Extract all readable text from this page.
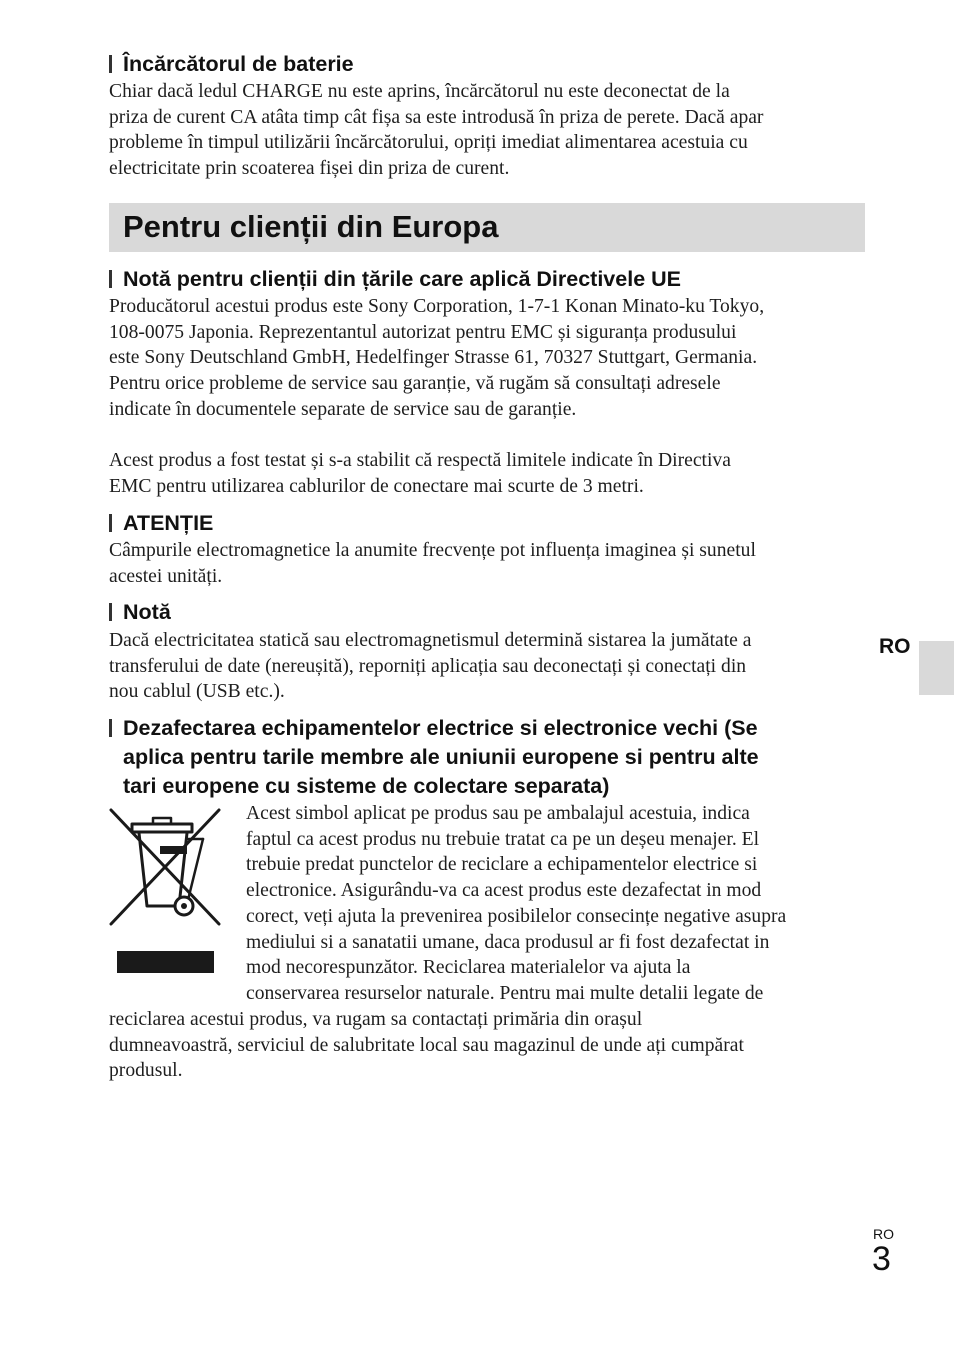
Încărcătorul de baterie
Chiar dacă ledul CHARGE nu este aprins, încărcătorul nu este deconectat de la
priza de curent CA atâta timp cât fișa sa este introdusă în priza de perete. Dacă apar
probleme în timpul utilizării încărcătorului, opriți imediat alimentarea acestuia cu
electricitate prin scoaterea fișei din priza de curent.
Pentru clienții din Europa
Notă pentru clienții din țările care aplică Directivele UE
Producătorul acestui produs este Sony Corporation, 1-7-1 Konan Minato-ku Tokyo,
108-0075 Japonia. Reprezentantul autorizat pentru EMC și siguranța produsului
este Sony Deutschland GmbH, Hedelfinger Strasse 61, 70327 Stuttgart, Germania.
Pentru orice probleme de service sau garanție, vă rugăm să consultați adresele
indicate în documentele separate de service sau de garanție.
Acest produs a fost testat și s-a stabilit că respectă limitele indicate în Directiva
EMC pentru utilizarea cablurilor de conectare mai scurte de 3 metri.
ATENȚIE
Câmpurile electromagnetice la anumite frecvențe pot influența imaginea și sunetul
acestei unități.
Notă
Dacă electricitatea statică sau electromagnetismul determină sistarea la jumătate a
transferului de date (nereușită), reporniți aplicația sau deconectați și conectați din
nou cablul (USB etc.).
Dezafectarea echipamentelor electrice si electronice vechi (Se
aplica pentru tarile membre ale uniunii europene si pentru alte
tari europene cu sisteme de colectare separata)
Acest simbol aplicat pe produs sau pe ambalajul acestuia, indica
faptul ca acest produs nu trebuie tratat ca pe un deșeu menajer. El
trebuie predat punctelor de reciclare a echipamentelor electrice si
electronice. Asigurându-va ca acest produs este dezafectat in mod
corect, veți ajuta la prevenirea posibilelor consecințe negative asupra
mediului si a sanatatii umane, daca produsul ar fi fost dezafectat in
mod necorespunzător. Reciclarea materialelor va ajuta la
conservarea resurselor naturale. Pentru mai multe detalii legate de
reciclarea acestui produs, va rugam sa contactați primăria din orașul
dumneavoastră, serviciul de salubritate local sau magazinul de unde ați cumpărat
produsul.
RO
RO
3
